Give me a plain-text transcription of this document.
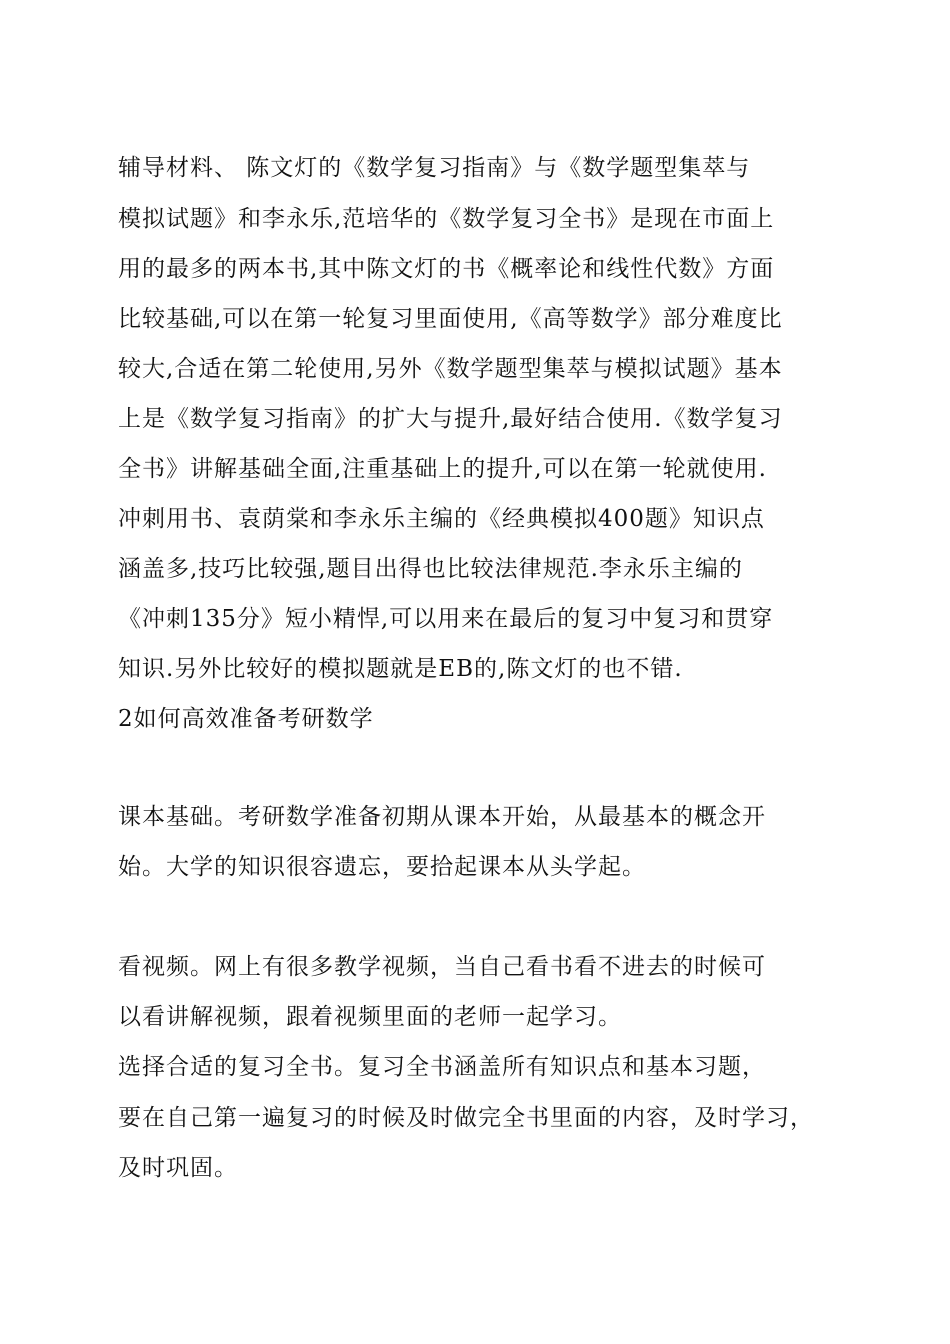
辅导材料、 陈文灯的《数学复习指南》与《数学题型集萃与

模拟试题》和李永乐,范培华的《数学复习全书》是现在市面上

用的最多的两本书,其中陈文灯的书《概率论和线性代数》方面

比较基础,可以在第一轮复习里面使用,《高等数学》部分难度比

较大,合适在第二轮使用,另外《数学题型集萃与模拟试题》基本

上是《数学复习指南》的扩大与提升,最好结合使用.《数学复习

全书》讲解基础全面,注重基础上的提升,可以在第一轮就使用.

冲刺用书、袁荫棠和李永乐主编的《经典模拟400题》知识点

涵盖多,技巧比较强,题目出得也比较法律规范.李永乐主编的

《冲刺135分》短小精悍,可以用来在最后的复习中复习和贯穿

知识.另外比较好的模拟题就是EB的,陈文灯的也不错.

2如何高效准备考研数学

课本基础。考研数学准备初期从课本开始，从最基本的概念开

始。大学的知识很容遗忘，要拾起课本从头学起。

看视频。网上有很多教学视频，当自己看书看不进去的时候可

以看讲解视频，跟着视频里面的老师一起学习。

选择合适的复习全书。复习全书涵盖所有知识点和基本习题，

要在自己第一遍复习的时候及时做完全书里面的内容，及时学习，

及时巩固。
